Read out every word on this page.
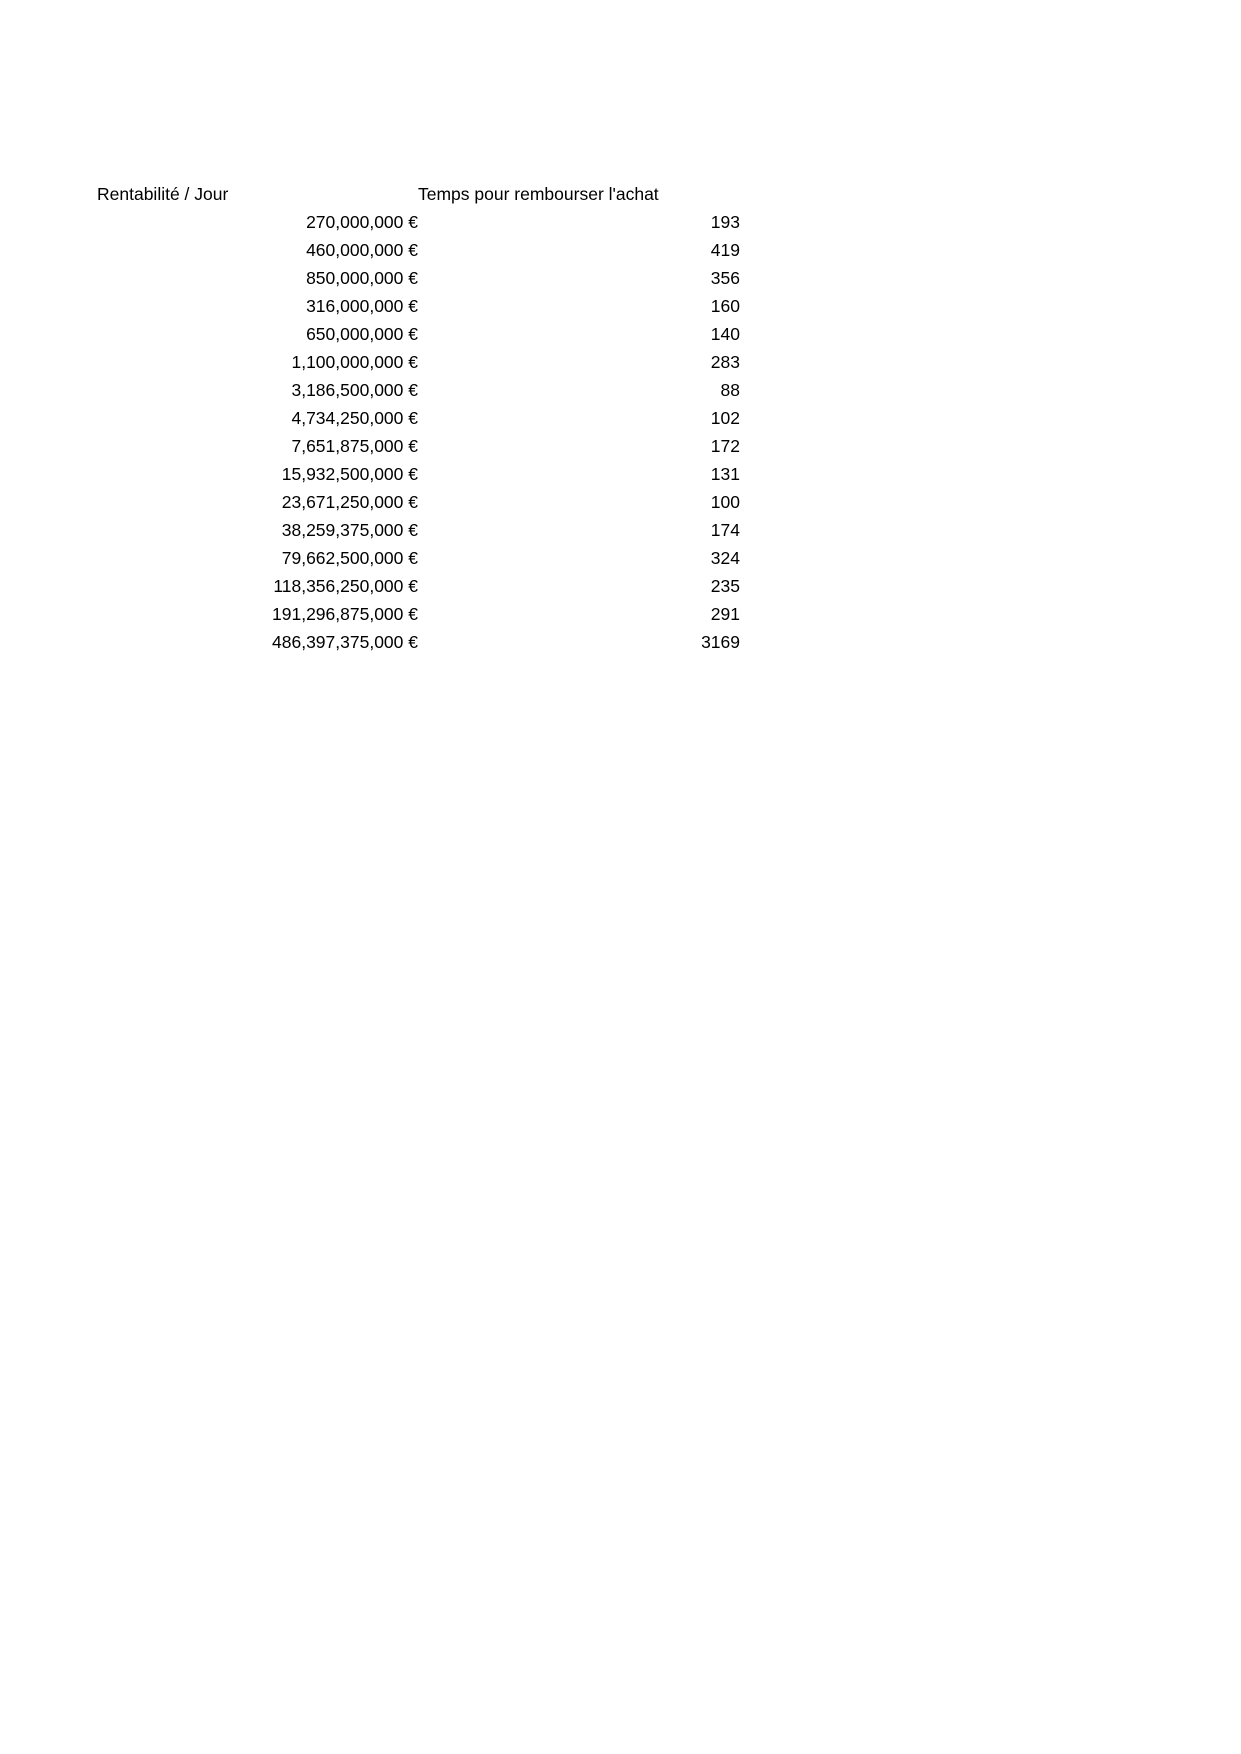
Rentabilité / Jour	Temps pour rembourser l'achat
270,000,000 €	193
460,000,000 €	419
850,000,000 €	356
316,000,000 €	160
650,000,000 €	140
1,100,000,000 €	283
3,186,500,000 €	88
4,734,250,000 €	102
7,651,875,000 €	172
15,932,500,000 €	131
23,671,250,000 €	100
38,259,375,000 €	174
79,662,500,000 €	324
118,356,250,000 €	235
191,296,875,000 €	291
486,397,375,000 €	3169
